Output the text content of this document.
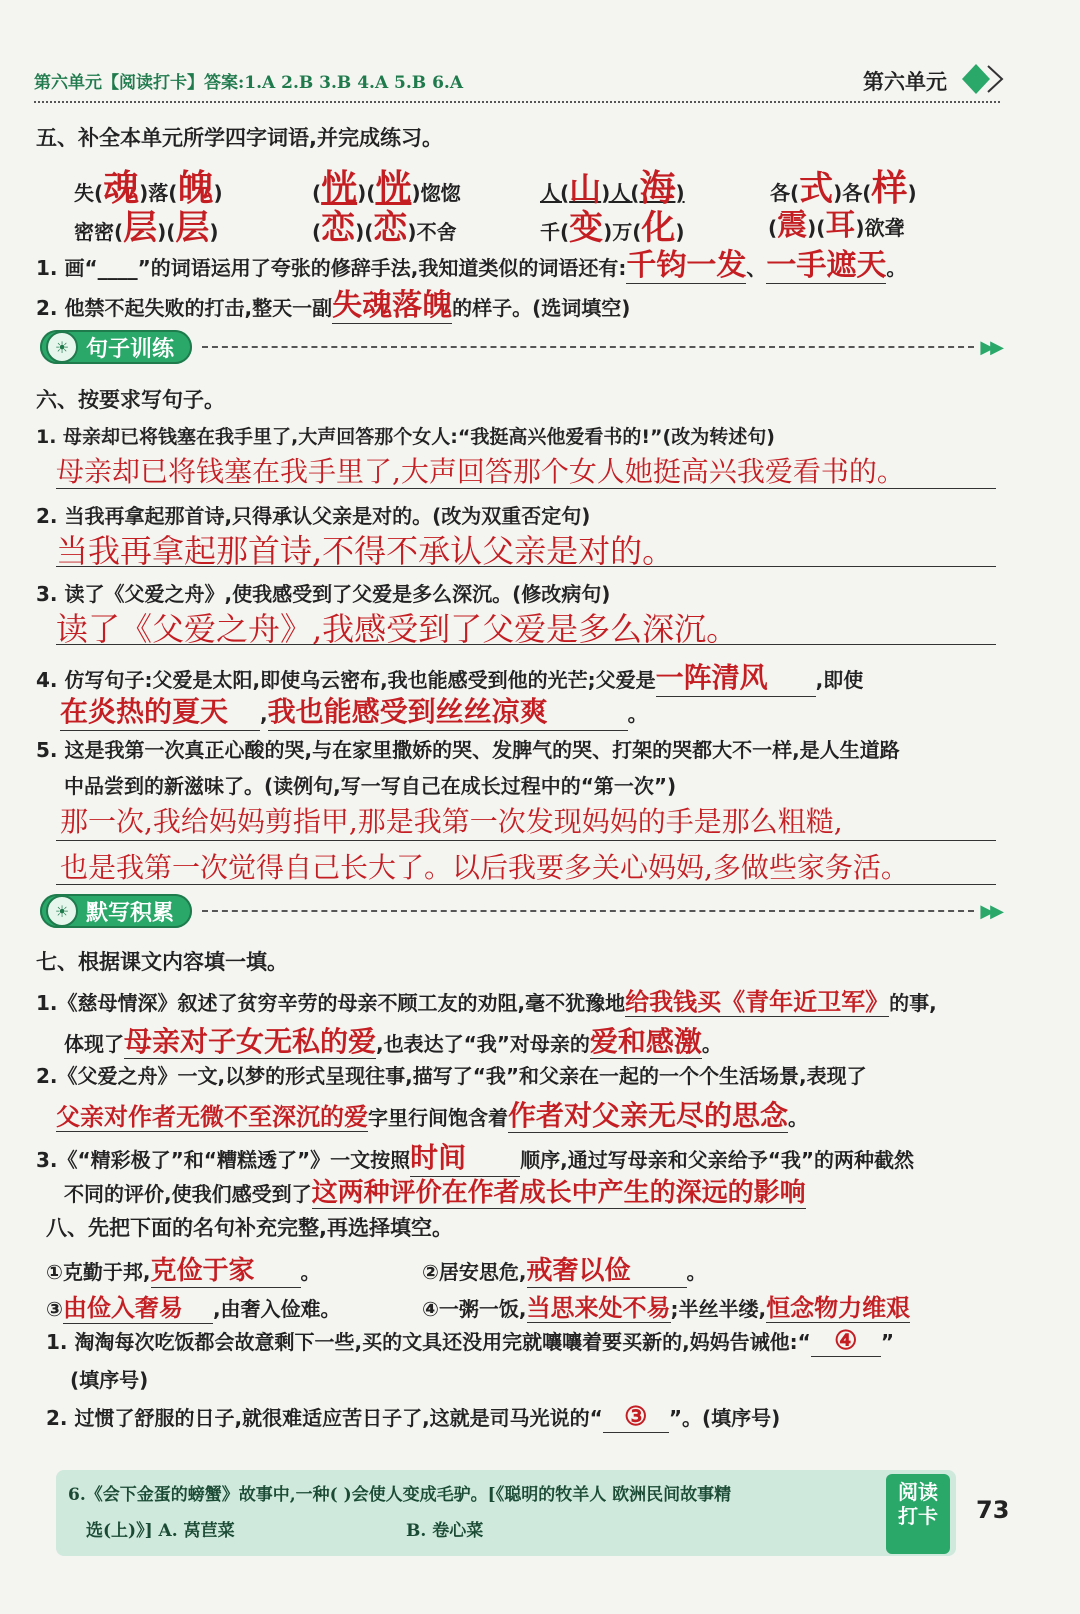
第六单元【阅读打卡】答案:1.A 2.B 3.B 4.A 5.B 6.A	第六单元
五、补全本单元所学四字词语,并完成练习。
失(魂)落(魄)	(恍)(恍)惚惚	人(山)人(海)	各(式)各(样)
密密(层)(层)	(恋)(恋)不舍	千(变)万(化)	(震)(耳)欲聋
1. 画“____”的词语运用了夸张的修辞手法,我知道类似的词语还有:千钧一发、一手遮天。
2. 他禁不起失败的打击,整天一副失魂落魄的样子。(选词填空)
☀ 句子训练	▶▶
六、按要求写句子。
1. 母亲却已将钱塞在我手里了,大声回答那个女人:“我挺高兴他爱看书的!”(改为转述句)
母亲却已将钱塞在我手里了,大声回答那个女人她挺高兴我爱看书的。
2. 当我再拿起那首诗,只得承认父亲是对的。(改为双重否定句)
当我再拿起那首诗,不得不承认父亲是对的。
3. 读了《父爱之舟》,使我感受到了父爱是多么深沉。(修改病句)
读了《父爱之舟》,我感受到了父爱是多么深沉。
4. 仿写句子:父爱是太阳,即使乌云密布,我也能感受到他的光芒;父爱是一阵清风 ,即使
在炎热的夏天 ,我也能感受到丝丝凉爽	。
5. 这是我第一次真正心酸的哭,与在家里撒娇的哭、发脾气的哭、打架的哭都大不一样,是人生道路
中品尝到的新滋味了。(读例句,写一写自己在成长过程中的“第一次”)
那一次,我给妈妈剪指甲,那是我第一次发现妈妈的手是那么粗糙,
也是我第一次觉得自己长大了。以后我要多关心妈妈,多做些家务活。
☀ 默写积累	▶▶
七、根据课文内容填一填。
1.《慈母情深》叙述了贫穷辛劳的母亲不顾工友的劝阻,毫不犹豫地给我钱买《青年近卫军》的事,
体现了母亲对子女无私的爱,也表达了“我”对母亲的爱和感激。
2.《父爱之舟》一文,以梦的形式呈现往事,描写了“我”和父亲在一起的一个个生活场景,表现了
父亲对作者无微不至深沉的爱字里行间饱含着作者对父亲无尽的思念。
3.《“精彩极了”和“糟糕透了”》一文按照时间	顺序,通过写母亲和父亲给予“我”的两种截然
不同的评价,使我们感受到了这两种评价在作者成长中产生的深远的影响
八、先把下面的名句补充完整,再选择填空。
①克勤于邦,克俭于家 。	②居安思危,戒奢以俭	。
③由俭入奢易 ,由奢入俭难。	④一粥一饭,当思来处不易;半丝半缕,恒念物力维艰
1. 淘淘每次吃饭都会故意剩下一些,买的文具还没用完就嚷嚷着要买新的,妈妈告诫他:“ ④ ”
(填序号)
2. 过惯了舒服的日子,就很难适应苦日子了,这就是司马光说的“ ③ ”。(填序号)
6.《会下金蛋的螃蟹》故事中,一种( )会使人变成毛驴。[《聪明的牧羊人 欧洲民间故事精
选(上)》] A. 莴苣菜	B. 卷心菜
阅读
打卡	73
